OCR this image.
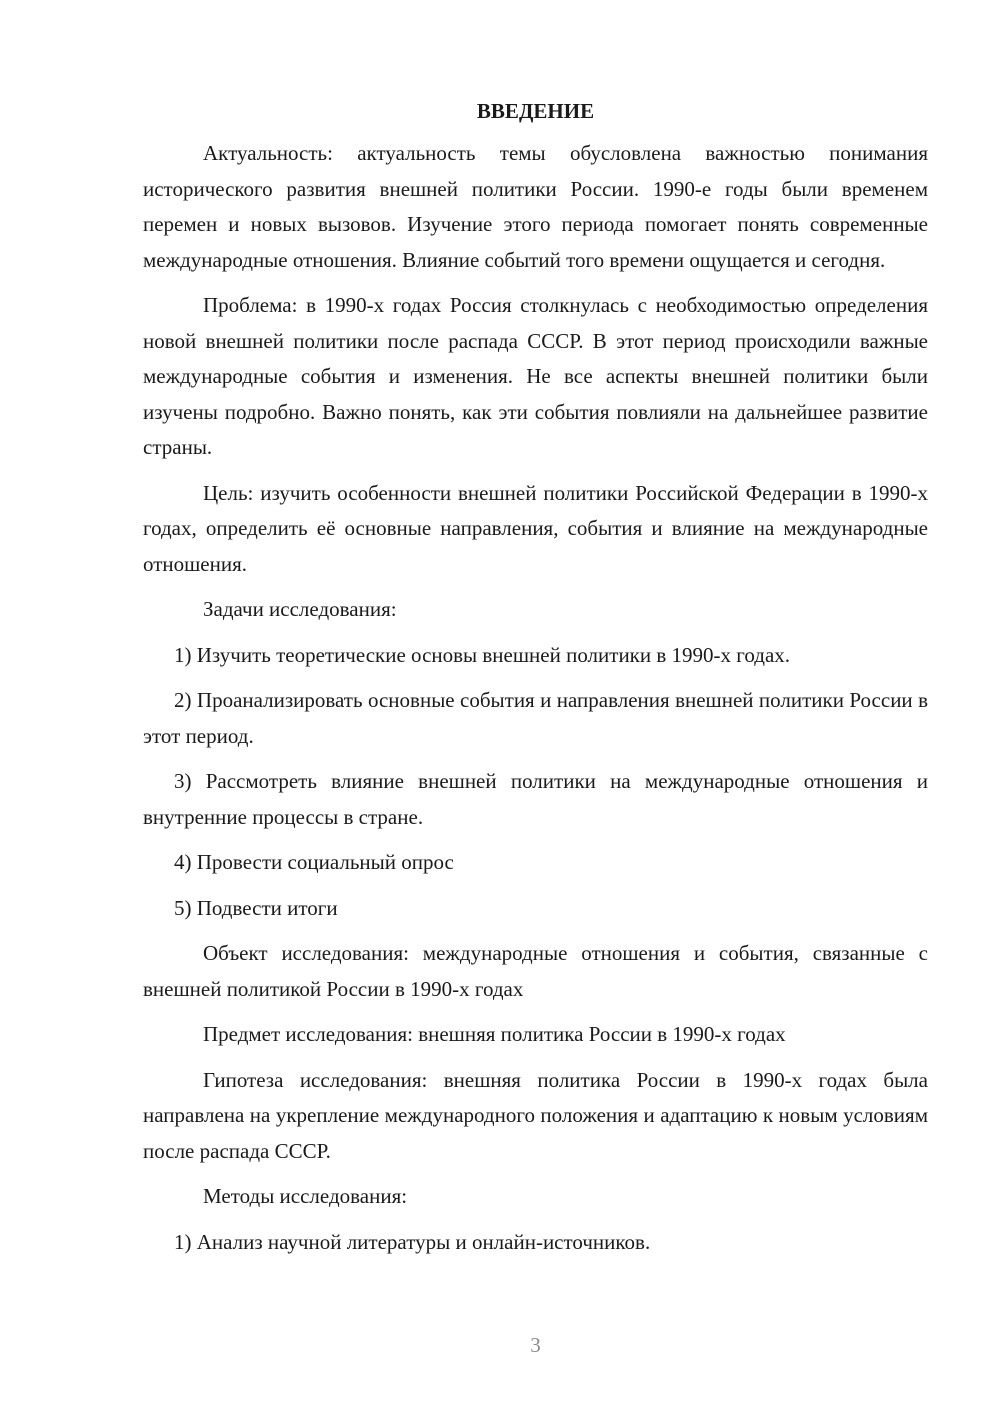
ВВЕДЕНИЕ

Актуальность: актуальность темы обусловлена важностью понимания исторического развития внешней политики России. 1990-е годы были временем перемен и новых вызовов. Изучение этого периода помогает понять современные международные отношения. Влияние событий того времени ощущается и сегодня.

Проблема: в 1990-х годах Россия столкнулась с необходимостью определения новой внешней политики после распада СССР. В этот период происходили важные международные события и изменения. Не все аспекты внешней политики были изучены подробно. Важно понять, как эти события повлияли на дальнейшее развитие страны.

Цель: изучить особенности внешней политики Российской Федерации в 1990-х годах, определить её основные направления, события и влияние на международные отношения.

Задачи исследования:

1) Изучить теоретические основы внешней политики в 1990-х годах.

2) Проанализировать основные события и направления внешней политики России в этот период.

3) Рассмотреть влияние внешней политики на международные отношения и внутренние процессы в стране.

4) Провести социальный опрос

5) Подвести итоги

Объект исследования: международные отношения и события, связанные с внешней политикой России в 1990-х годах

Предмет исследования: внешняя политика России в 1990-х годах

Гипотеза исследования: внешняя политика России в 1990-х годах была направлена на укрепление международного положения и адаптацию к новым условиям после распада СССР.

Методы исследования:

1) Анализ научной литературы и онлайн-источников.

3
